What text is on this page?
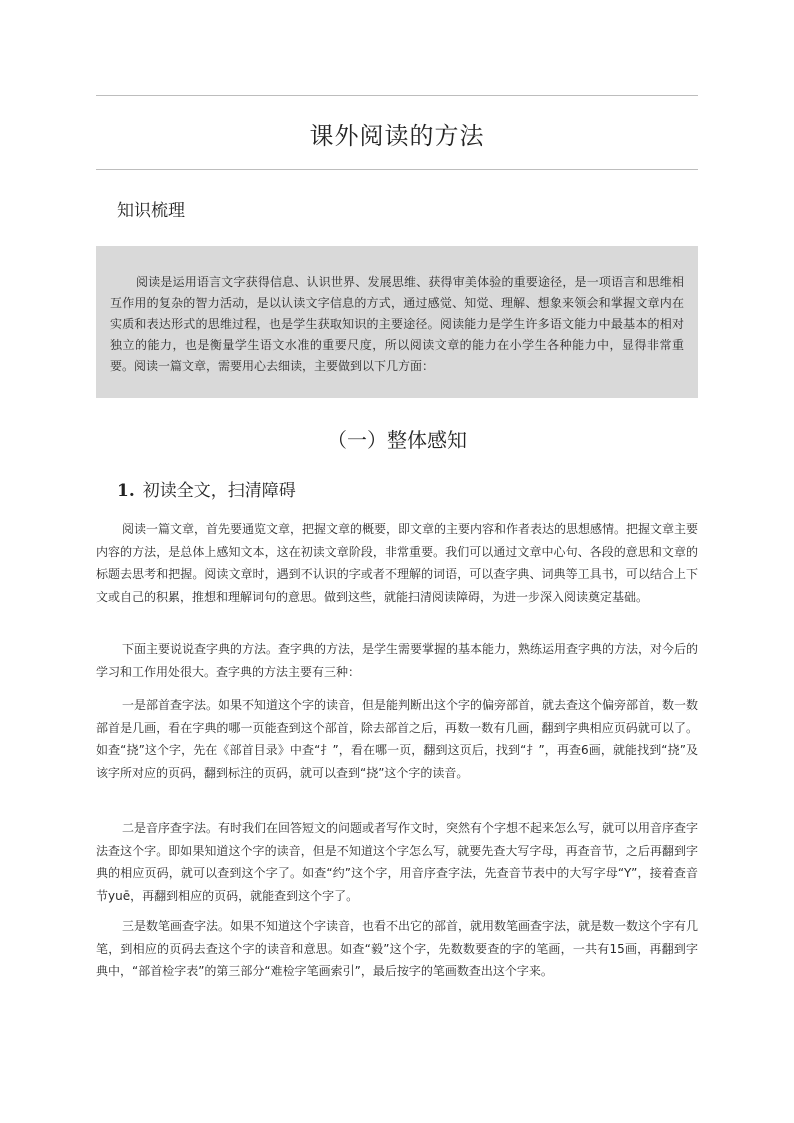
课外阅读的方法
知识梳理

阅读是运用语言文字获得信息、认识世界、发展思维、获得审美体验的重要途径，是一项语言和思维相互作用的复杂的智力活动，是以认读文字信息的方式，通过感觉、知觉、理解、想象来领会和掌握文章内在实质和表达形式的思维过程，也是学生获取知识的主要途径。阅读能力是学生许多语文能力中最基本的相对独立的能力，也是衡量学生语文水准的重要尺度，所以阅读文章的能力在小学生各种能力中，显得非常重要。阅读一篇文章，需要用心去细读，主要做到以下几方面：

（一）整体感知
1. 初读全文，扫清障碍

阅读一篇文章，首先要通览文章，把握文章的概要，即文章的主要内容和作者表达的思想感情。把握文章主要内容的方法，是总体上感知文本，这在初读文章阶段，非常重要。我们可以通过文章中心句、各段的意思和文章的标题去思考和把握。阅读文章时，遇到不认识的字或者不理解的词语，可以查字典、词典等工具书，可以结合上下文或自己的积累，推想和理解词句的意思。做到这些，就能扫清阅读障碍，为进一步深入阅读奠定基础。

下面主要说说查字典的方法。查字典的方法，是学生需要掌握的基本能力，熟练运用查字典的方法，对今后的学习和工作用处很大。查字典的方法主要有三种：

一是部首查字法。如果不知道这个字的读音，但是能判断出这个字的偏旁部首，就去查这个偏旁部首，数一数部首是几画，看在字典的哪一页能查到这个部首，除去部首之后，再数一数有几画，翻到字典相应页码就可以了。如查“挠”这个字，先在《部首目录》中查“扌”，看在哪一页，翻到这页后，找到“扌”，再查6画，就能找到“挠”及该字所对应的页码，翻到标注的页码，就可以查到“挠”这个字的读音。

二是音序查字法。有时我们在回答短文的问题或者写作文时，突然有个字想不起来怎么写，就可以用音序查字法查这个字。即如果知道这个字的读音，但是不知道这个字怎么写，就要先查大写字母，再查音节，之后再翻到字典的相应页码，就可以查到这个字了。如查“约”这个字，用音序查字法，先查音节表中的大写字母“Y”，接着查音节yuē，再翻到相应的页码，就能查到这个字了。

三是数笔画查字法。如果不知道这个字读音，也看不出它的部首，就用数笔画查字法，就是数一数这个字有几笔，到相应的页码去查这个字的读音和意思。如查“毅”这个字，先数数要查的字的笔画，一共有15画，再翻到字典中，“部首检字表”的第三部分“难检字笔画索引”，最后按字的笔画数查出这个字来。
